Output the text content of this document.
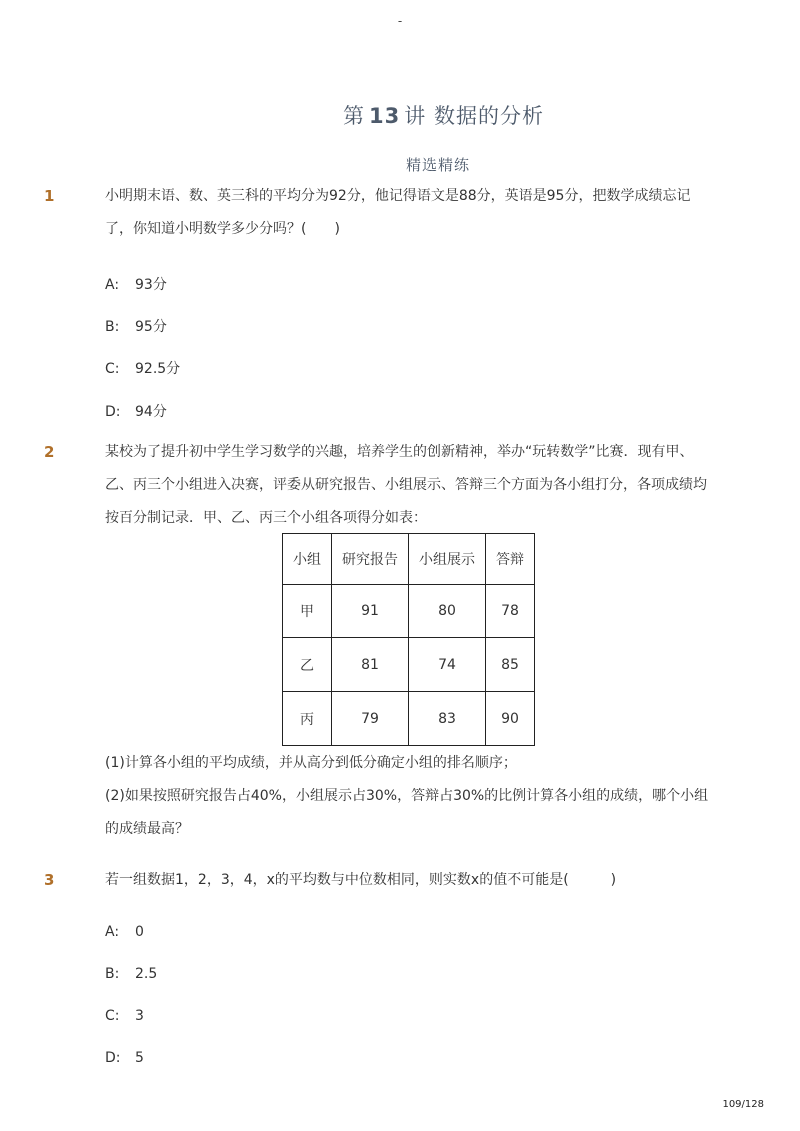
-
第 13 讲 数据的分析
精选精练
1	小明期末语、数、英三科的平均分为92分，他记得语文是88分，英语是95分，把数学成绩忘记了，你知道小明数学多少分吗？(　　)
A: 93分
B: 95分
C: 92.5分
D: 94分
2	某校为了提升初中学生学习数学的兴趣，培养学生的创新精神，举办“玩转数学”比赛．现有甲、乙、丙三个小组进入决赛，评委从研究报告、小组展示、答辩三个方面为各小组打分，各项成绩均按百分制记录．甲、乙、丙三个小组各项得分如表：
小组	研究报告	小组展示	答辩
甲	91	80	78
乙	81	74	85
丙	79	83	90
(1)计算各小组的平均成绩，并从高分到低分确定小组的排名顺序；
(2)如果按照研究报告占40%，小组展示占30%，答辩占30%的比例计算各小组的成绩，哪个小组的成绩最高？
3	若一组数据1，2，3，4，x的平均数与中位数相同，则实数x的值不可能是(　　　)
A: 0
B: 2.5
C: 3
D: 5
109/128
